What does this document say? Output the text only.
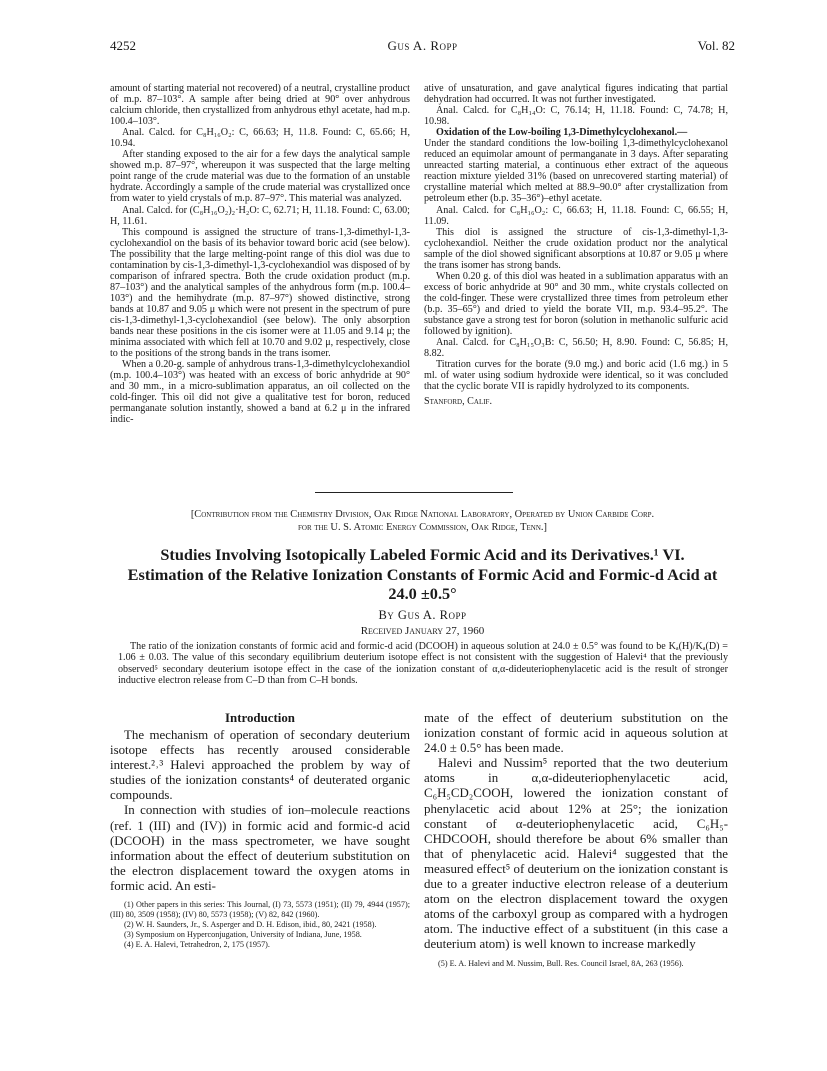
4252	Gus A. Ropp	Vol. 82

amount of starting material not recovered) of a neutral, crystalline product of m.p. 87–103°. A sample after being dried at 90° over anhydrous calcium chloride, then crystallized from anhydrous ethyl acetate, had m.p. 100.4–103°.

Anal. Calcd. for C₈H₁₆O₂: C, 66.63; H, 11.8. Found: C, 65.66; H, 10.94.

After standing exposed to the air for a few days the analytical sample showed m.p. 87–97°, whereupon it was suspected that the large melting point range of the crude material was due to the formation of an unstable hydrate. Accordingly a sample of the crude material was crystallized once from water to yield crystals of m.p. 87–97°. This material was analyzed.

Anal. Calcd. for (C₈H₁₆O₂)₂·H₂O: C, 62.71; H, 11.18. Found: C, 63.00; H, 11.61.

This compound is assigned the structure of trans-1,3-dimethyl-1,3-cyclohexandiol on the basis of its behavior toward boric acid (see below). The possibility that the large melting-point range of this diol was due to contamination by cis-1,3-dimethyl-1,3-cyclohexandiol was disposed of by comparison of infrared spectra. Both the crude oxidation product (m.p. 87–103°) and the analytical samples of the anhydrous form (m.p. 100.4–103°) and the hemihydrate (m.p. 87–97°) showed distinctive, strong bands at 10.87 and 9.05 μ which were not present in the spectrum of pure cis-1,3-dimethyl-1,3-cyclohexandiol (see below). The only absorption bands near these positions in the cis isomer were at 11.05 and 9.14 μ; the minima associated with which fell at 10.70 and 9.02 μ, respectively, close to the positions of the strong bands in the trans isomer.

When a 0.20-g. sample of anhydrous trans-1,3-dimethylcyclohexandiol (m.p. 100.4–103°) was heated with an excess of boric anhydride at 90° and 30 mm., in a micro-sublimation apparatus, an oil collected on the cold-finger. This oil did not give a qualitative test for boron, reduced permanganate solution instantly, showed a band at 6.2 μ in the infrared indic-

ative of unsaturation, and gave analytical figures indicating that partial dehydration had occurred. It was not further investigated.

Anal. Calcd. for C₈H₁₄O: C, 76.14; H, 11.18. Found: C, 74.78; H, 10.98.

Oxidation of the Low-boiling 1,3-Dimethylcyclohexanol.—

Under the standard conditions the low-boiling 1,3-dimethylcyclohexanol reduced an equimolar amount of permanganate in 3 days. After separating unreacted starting material, a continuous ether extract of the aqueous reaction mixture yielded 31% (based on unrecovered starting material) of crystalline material which melted at 88.9–90.0° after crystallization from petroleum ether (b.p. 35–36°)–ethyl acetate.

Anal. Calcd. for C₈H₁₆O₂: C, 66.63; H, 11.18. Found: C, 66.55; H, 11.09.

This diol is assigned the structure of cis-1,3-dimethyl-1,3-cyclohexandiol. Neither the crude oxidation product nor the analytical sample of the diol showed significant absorptions at 10.87 or 9.05 μ where the trans isomer has strong bands.

When 0.20 g. of this diol was heated in a sublimation apparatus with an excess of boric anhydride at 90° and 30 mm., white crystals collected on the cold-finger. These were crystallized three times from petroleum ether (b.p. 35–65°) and dried to yield the borate VII, m.p. 93.4–95.2°. The substance gave a strong test for boron (solution in methanolic sulfuric acid followed by ignition).

Anal. Calcd. for C₈H₁₅O₃B: C, 56.50; H, 8.90. Found: C, 56.85; H, 8.82.

Titration curves for the borate (9.0 mg.) and boric acid (1.6 mg.) in 5 ml. of water using sodium hydroxide were identical, so it was concluded that the cyclic borate VII is rapidly hydrolyzed to its components.

Stanford, Calif.

[Contribution from the Chemistry Division, Oak Ridge National Laboratory, Operated by Union Carbide Corp.
for the U. S. Atomic Energy Commission, Oak Ridge, Tenn.]
Studies Involving Isotopically Labeled Formic Acid and its Derivatives.¹ VI.
Estimation of the Relative Ionization Constants of Formic Acid and Formic-d Acid at
24.0 ±0.5°
By Gus A. Ropp
Received January 27, 1960
The ratio of the ionization constants of formic acid and formic-d acid (DCOOH) in aqueous solution at 24.0 ± 0.5° was found to be Kₐ(H)/Kₐ(D) = 1.06 ± 0.03. The value of this secondary equilibrium deuterium isotope effect is not consistent with the suggestion of Halevi⁴ that the previously observed⁵ secondary deuterium isotope effect in the case of the ionization constant of α,α-dideuteriophenylacetic acid is the result of stronger inductive electron release from C–D than from C–H bonds.
Introduction

The mechanism of operation of secondary deuterium isotope effects has recently aroused considerable interest.²˒³ Halevi approached the problem by way of studies of the ionization constants⁴ of deuterated organic compounds.

In connection with studies of ion–molecule reactions (ref. 1 (III) and (IV)) in formic acid and formic-d acid (DCOOH) in the mass spectrometer, we have sought information about the effect of deuterium substitution on the electron displacement toward the oxygen atoms in formic acid. An esti-

(1) Other papers in this series: This Journal, (I) 73, 5573 (1951); (II) 79, 4944 (1957); (III) 80, 3509 (1958); (IV) 80, 5573 (1958); (V) 82, 842 (1960).

(2) W. H. Saunders, Jr., S. Asperger and D. H. Edison, ibid., 80, 2421 (1958).

(3) Symposium on Hyperconjugation, University of Indiana, June, 1958.

(4) E. A. Halevi, Tetrahedron, 2, 175 (1957).

mate of the effect of deuterium substitution on the ionization constant of formic acid in aqueous solution at 24.0 ± 0.5° has been made.

Halevi and Nussim⁵ reported that the two deuterium atoms in α,α-dideuteriophenylacetic acid, C₆H₅CD₂COOH, lowered the ionization constant of phenylacetic acid about 12% at 25°; the ionization constant of α-deuteriophenylacetic acid, C₆H₅-CHDCOOH, should therefore be about 6% smaller than that of phenylacetic acid. Halevi⁴ suggested that the measured effect⁵ of deuterium on the ionization constant is due to a greater inductive electron release of a deuterium atom on the electron displacement toward the oxygen atoms of the carboxyl group as compared with a hydrogen atom. The inductive effect of a substituent (in this case a deuterium atom) is well known to increase markedly

(5) E. A. Halevi and M. Nussim, Bull. Res. Council Israel, 8A, 263 (1956).
